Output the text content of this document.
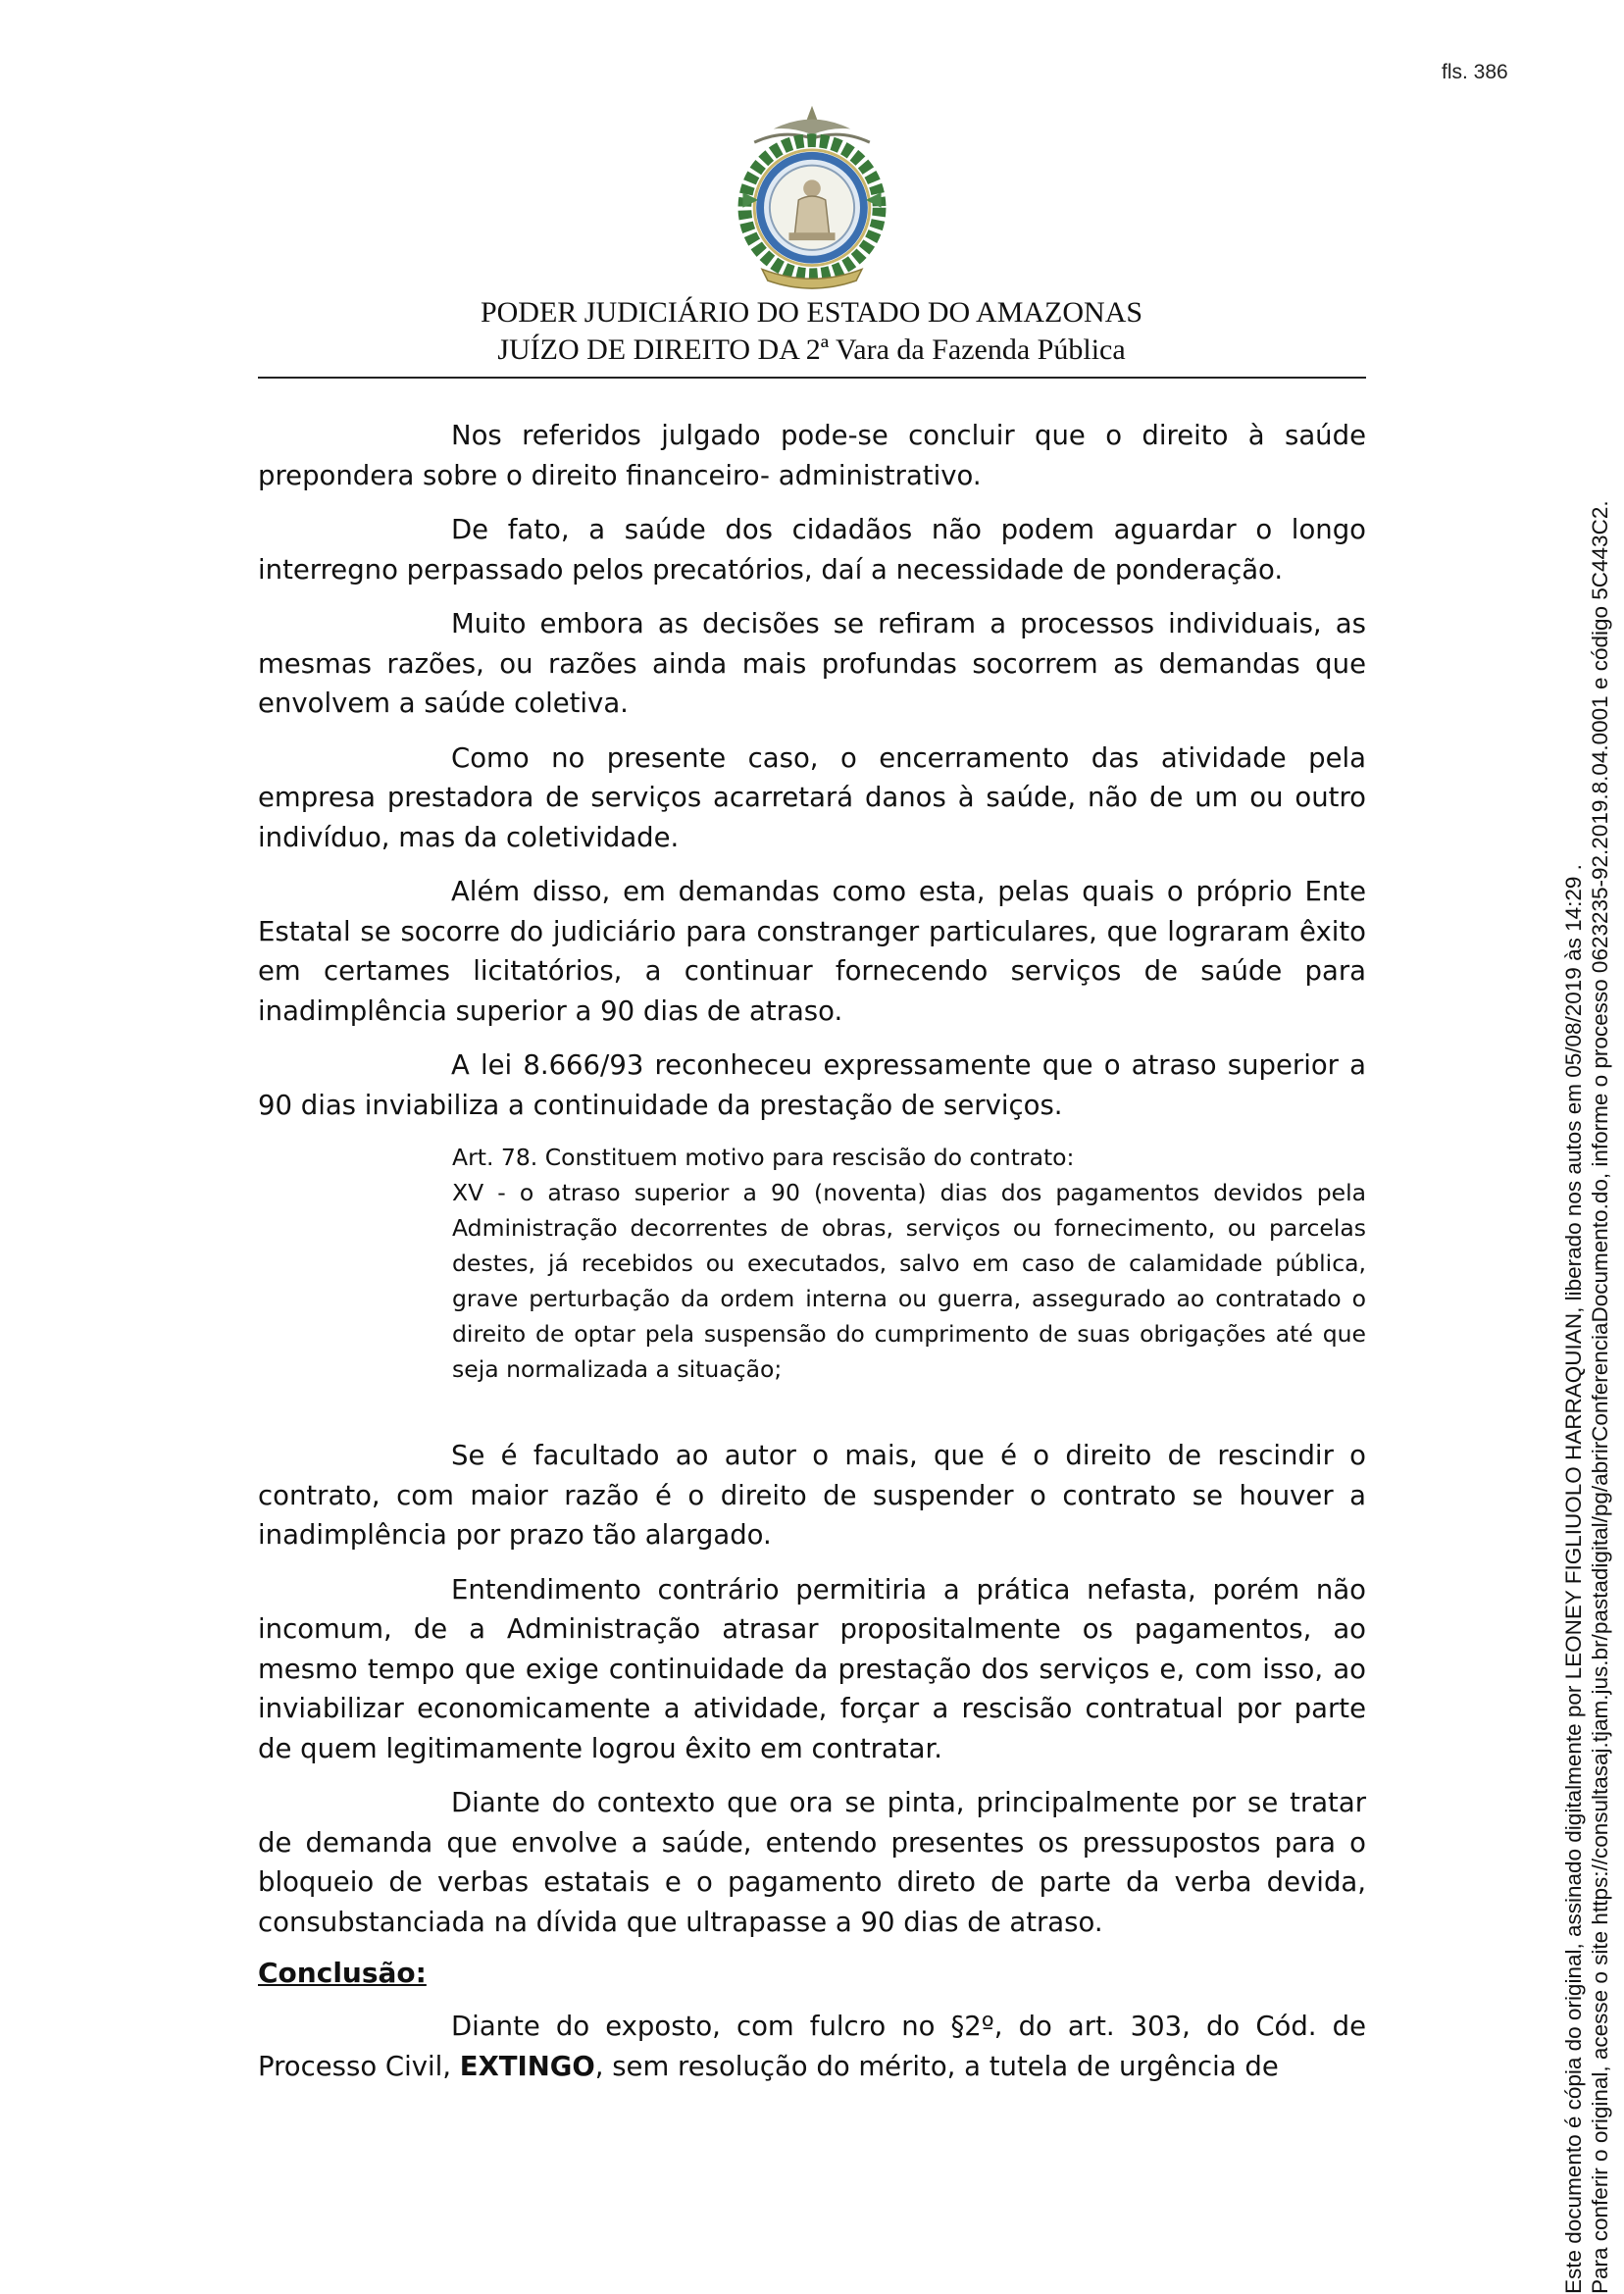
fls. 386
PODER JUDICIÁRIO DO ESTADO DO AMAZONAS
JUÍZO DE DIREITO DA 2ª Vara da Fazenda Pública

Nos referidos julgado pode-se concluir que o direito à saúde prepondera sobre o direito financeiro- administrativo.

De fato, a saúde dos cidadãos não podem aguardar o longo interregno perpassado pelos precatórios, daí a necessidade de ponderação.

Muito embora as decisões se refiram a processos individuais, as mesmas razões, ou razões ainda mais profundas socorrem as demandas que envolvem a saúde coletiva.

Como no presente caso, o encerramento das atividade pela empresa prestadora de serviços acarretará danos à saúde, não de um ou outro indivíduo, mas da coletividade.

Além disso, em demandas como esta, pelas quais o próprio Ente Estatal se socorre do judiciário para constranger particulares, que lograram êxito em certames licitatórios, a continuar fornecendo serviços de saúde para inadimplência superior a 90 dias de atraso.

A lei 8.666/93 reconheceu expressamente que o atraso superior a 90 dias inviabiliza a continuidade da prestação de serviços.

Art. 78. Constituem motivo para rescisão do contrato:
XV - o atraso superior a 90 (noventa) dias dos pagamentos devidos pela Administração decorrentes de obras, serviços ou fornecimento, ou parcelas destes, já recebidos ou executados, salvo em caso de calamidade pública, grave perturbação da ordem interna ou guerra, assegurado ao contratado o direito de optar pela suspensão do cumprimento de suas obrigações até que seja normalizada a situação;

Se é facultado ao autor o mais, que é o direito de rescindir o contrato, com maior razão é o direito de suspender o contrato se houver a inadimplência por prazo tão alargado.

Entendimento contrário permitiria a prática nefasta, porém não incomum, de a Administração atrasar propositalmente os pagamentos, ao mesmo tempo que exige continuidade da prestação dos serviços e, com isso, ao inviabilizar economicamente a atividade, forçar a rescisão contratual por parte de quem legitimamente logrou êxito em contratar.

Diante do contexto que ora se pinta, principalmente por se tratar de demanda que envolve a saúde, entendo presentes os pressupostos para o bloqueio de verbas estatais e o pagamento direto de parte da verba devida, consubstanciada na dívida que ultrapasse a 90 dias de atraso.

Conclusão:

Diante do exposto, com fulcro no §2º, do art. 303, do Cód. de Processo Civil, EXTINGO, sem resolução do mérito, a tutela de urgência de	Este documento é cópia do original, assinado digitalmente por LEONEY FIGLIUOLO HARRAQUIAN, liberado nos autos em 05/08/2019 às 14:29 . Para conferir o original, acesse o site https://consultasaj.tjam.jus.br/pastadigital/pg/abrirConferenciaDocumento.do, informe o processo 0623235-92.2019.8.04.0001 e código 5C443C2.
